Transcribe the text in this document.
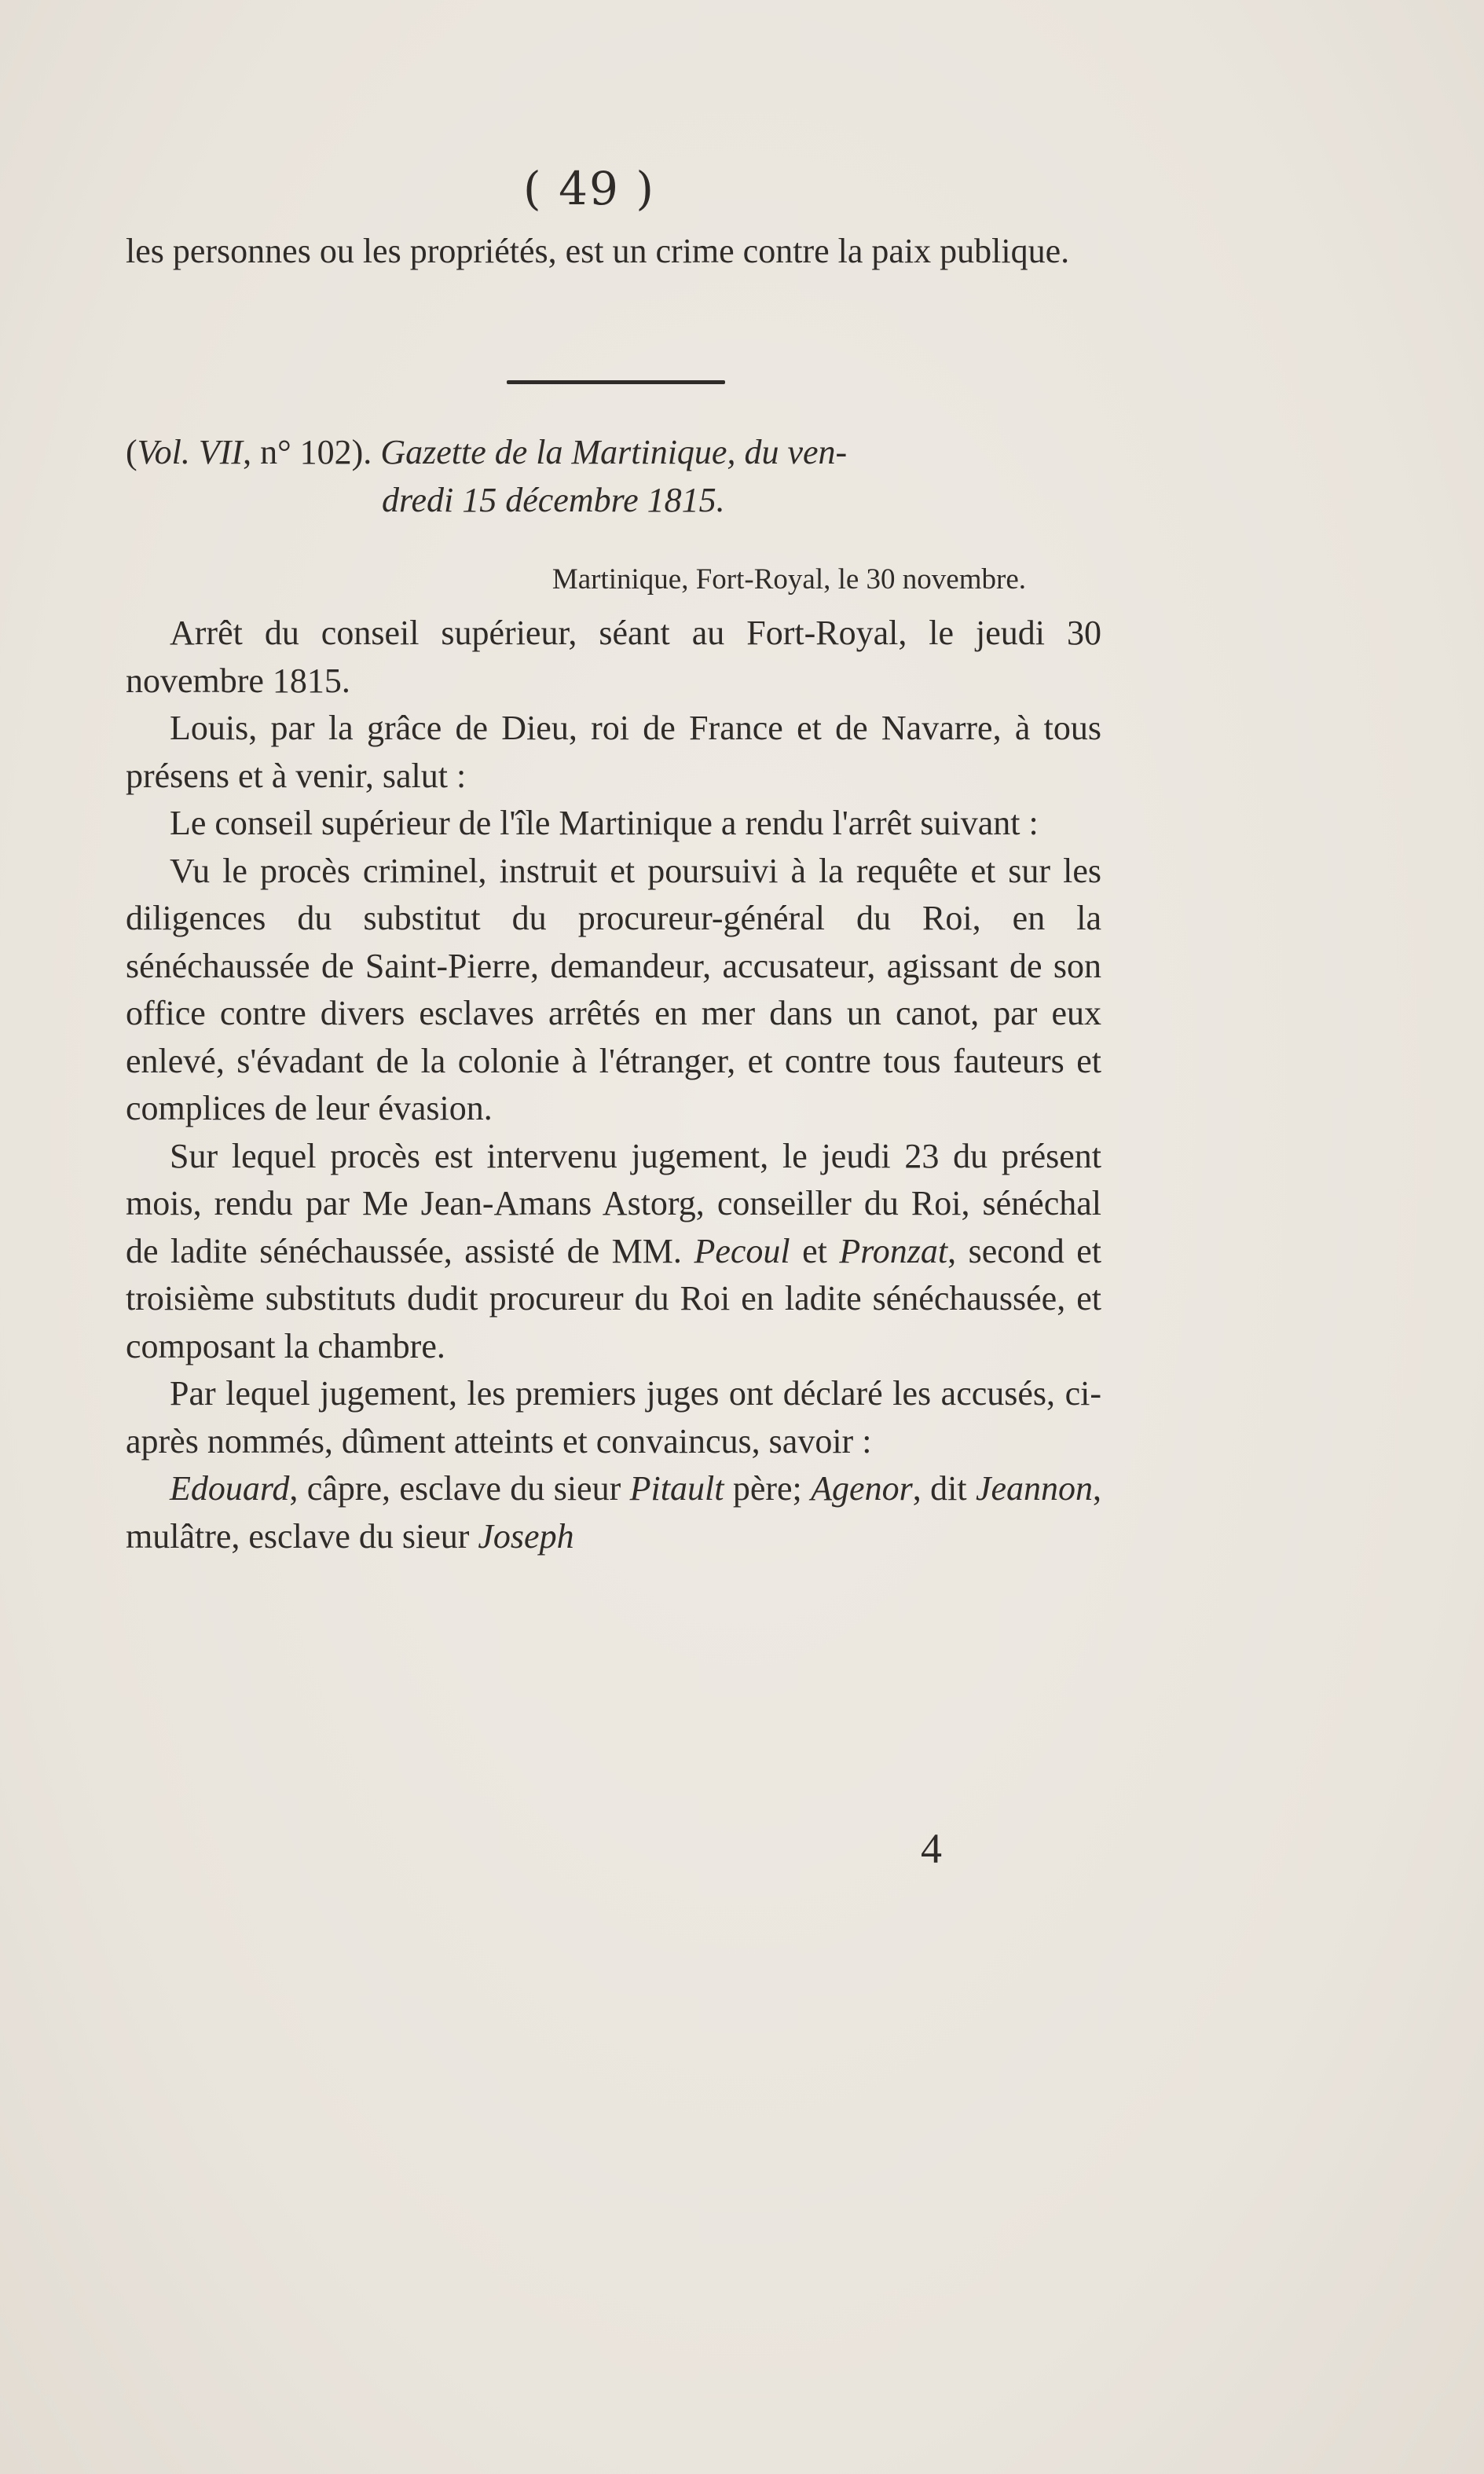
( 49 )

les personnes ou les propriétés, est un crime contre la paix publique.

(Vol. VII, n° 102). Gazette de la Martinique, du ven-
dredi 15 décembre 1815.
Martinique, Fort-Royal, le 30 novembre.

Arrêt du conseil supérieur, séant au Fort-Royal, le jeudi 30 novembre 1815.

Louis, par la grâce de Dieu, roi de France et de Navarre, à tous présens et à venir, salut :

Le conseil supérieur de l'île Martinique a rendu l'arrêt suivant :

Vu le procès criminel, instruit et poursuivi à la requête et sur les diligences du substitut du procureur-général du Roi, en la sénéchaussée de Saint-Pierre, demandeur, accusateur, agissant de son office contre divers esclaves arrêtés en mer dans un canot, par eux enlevé, s'évadant de la colonie à l'étranger, et contre tous fauteurs et complices de leur évasion.

Sur lequel procès est intervenu jugement, le jeudi 23 du présent mois, rendu par Me Jean-Amans Astorg, conseiller du Roi, sénéchal de ladite sénéchaussée, assisté de MM. Pecoul et Pronzat, second et troisième substituts dudit procureur du Roi en ladite sénéchaussée, et composant la chambre.

Par lequel jugement, les premiers juges ont déclaré les accusés, ci-après nommés, dûment atteints et convaincus, savoir :

Edouard, câpre, esclave du sieur Pitault père; Agenor, dit Jeannon, mulâtre, esclave du sieur Joseph

4
